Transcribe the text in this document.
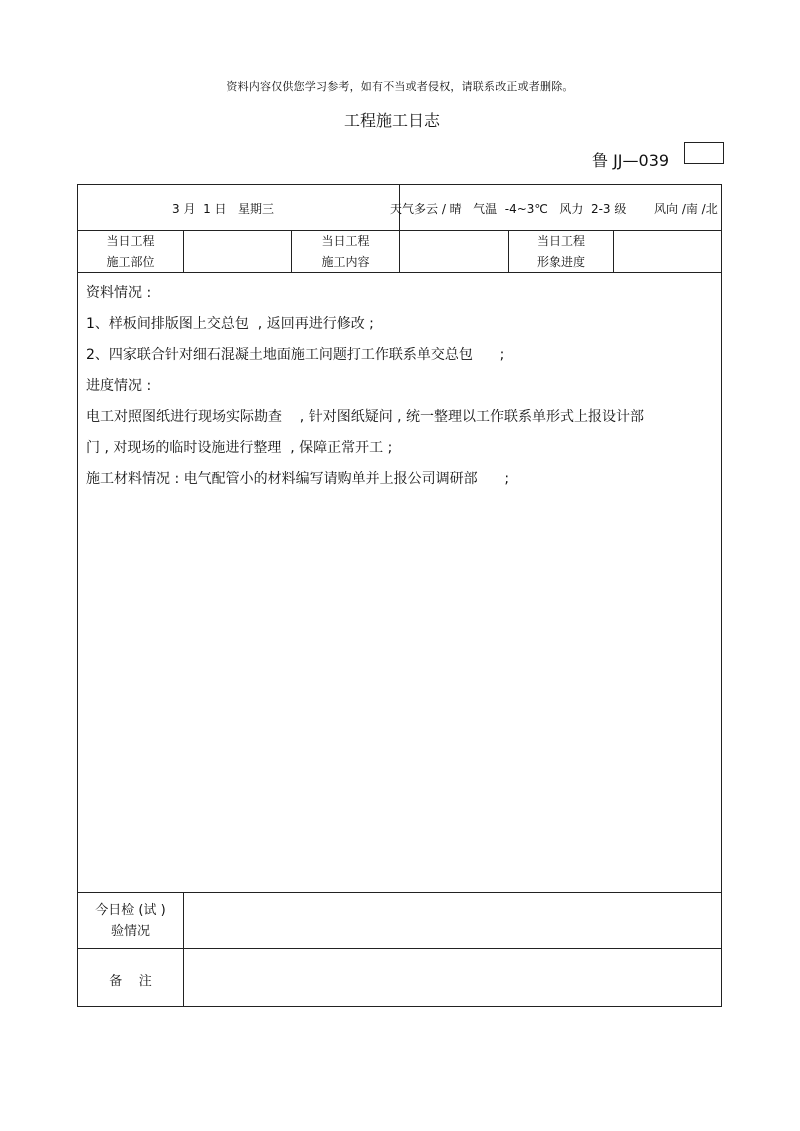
资料内容仅供您学习参考，如有不当或者侵权，请联系改正或者删除。
工程施工日志
鲁 JJ—039
3 月  1 日   星期三	天气多云 / 晴   气温  -4~3℃   风力  2-3 级 风向 /南 /北
当日工程
施工部位
当日工程
施工内容
当日工程
形象进度
资料情况 :
1、样板间排版图上交总包  , 返回再进行修改 ;
2、四家联合针对细石混凝土地面施工问题打工作联系单交总包      ;
进度情况 :
电工对照图纸进行现场实际勘查    , 针对图纸疑问 , 统一整理以工作联系单形式上报设计部
门 , 对现场的临时设施进行整理  , 保障正常开工 ;
施工材料情况 : 电气配管小的材料编写请购单并上报公司调研部      ;
今日检 (试 )
验情况
备    注
